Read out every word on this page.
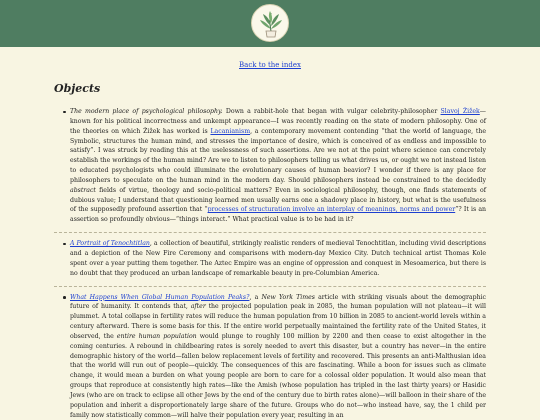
Back to the index
Objects
The modern place of psychological philosophy. Down a rabbit-hole that began with vulgar celebrity-philosopher Slavoj Žižek—known for his political incorrectness and unkempt appearance—I was recently reading on the state of modern philosophy. One of the theories on which Žižek has worked is Lacanianism, a contemporary movement contending “that the world of language, the Symbolic, structures the human mind, and stresses the importance of desire, which is conceived of as endless and impossible to satisfy”. I was struck by reading this at the uselessness of such assertions. Are we not at the point where science can concretely establish the workings of the human mind? Are we to listen to philosophers telling us what drives us, or ought we not instead listen to educated psychologists who could illuminate the evolutionary causes of human beavior? I wonder if there is any place for philosophers to speculate on the human mind in the modern day. Should philosophers instead be constrained to the decidedly abstract fields of virtue, theology and socio-political matters? Even in sociological philosophy, though, one finds statements of dubious value; I understand that questioning learned men usually earns one a shadowy place in history, but what is the usefulness of the supposedly profound assertion that “processes of structuration involve an interplay of meanings, norms and power”? It is an assertion so profoundly obvious—“things interact.” What practical value is to be had in it?
A Portrait of Tenochtitlan, a collection of beautiful, strikingly realistic renders of medieval Tenochtitlan, including vivid descriptions and a depiction of the New Fire Ceremony and comparisons with modern-day Mexico City. Dutch technical artist Thomas Kole spent over a year putting them together. The Aztec Empire was an engine of oppression and conquest in Mesoamerica, but there is no doubt that they produced an urban landscape of remarkable beauty in pre-Columbian America.
What Happens When Global Human Population Peaks?, a New York Times article with striking visuals about the demographic future of humanity. It contends that, after the projected population peak in 2085, the human population will not plateau—it will plummet. A total collapse in fertility rates will reduce the human population from 10 billion in 2085 to ancient-world levels within a century afterward. There is some basis for this. If the entire world perpetually maintained the fertility rate of the United States, it observed, the entire human population would plunge to roughly 100 million by 2200 and then cease to exist altogether in the coming centuries. A rebound in childbearing rates is sorely needed to avert this disaster, but a country has never—in the entire demographic history of the world—fallen below replacement levels of fertility and recovered. This presents an anti-Malthusian idea that the world will run out of people—quickly. The consequences of this are fascinating. While a boon for issues such as climate change, it would mean a burden on what young people are born to care for a colossal older population. It would also mean that groups that reproduce at consistently high rates—like the Amish (whose population has tripled in the last thirty years) or Hasidic Jews (who are on track to eclipse all other Jews by the end of the century due to birth rates alone)—will balloon in their share of the population and inherit a disproportionately large share of the future. Groups who do not—who instead have, say, the 1 child per family now statistically common—will halve their population every year, resulting in an
